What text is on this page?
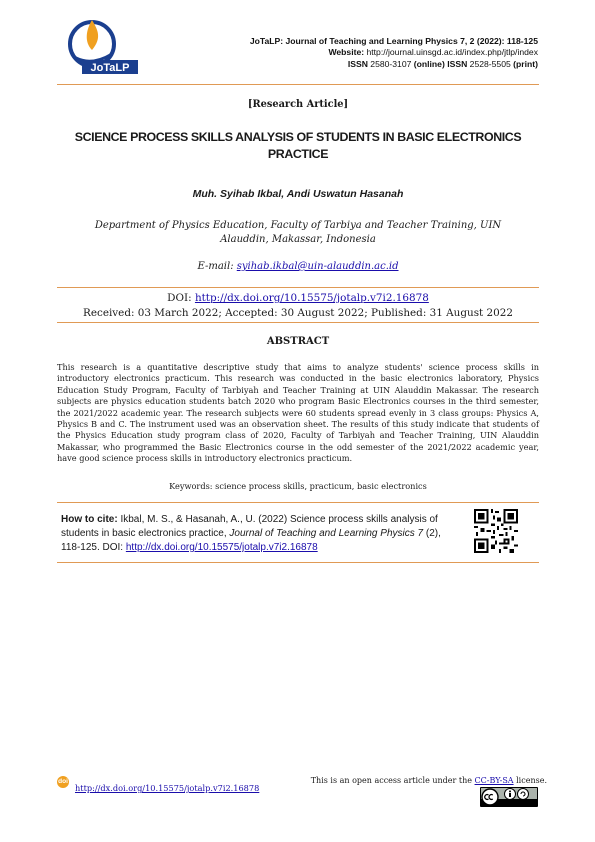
JoTaLP
JoTaLP: Journal of Teaching and Learning Physics 7, 2 (2022): 118-125
Website: http://journal.uinsgd.ac.id/index.php/jtlp/index
ISSN 2580-3107 (online) ISSN 2528-5505 (print)
[Research Article]
SCIENCE PROCESS SKILLS ANALYSIS OF STUDENTS IN BASIC ELECTRONICS PRACTICE
Muh. Syihab Ikbal, Andi Uswatun Hasanah
Department of Physics Education, Faculty of Tarbiya and Teacher Training, UIN Alauddin, Makassar, Indonesia
E-mail: syihab.ikbal@uin-alauddin.ac.id
DOI: http://dx.doi.org/10.15575/jotalp.v7i2.16878
Received: 03 March 2022; Accepted: 30 August 2022; Published: 31 August 2022
ABSTRACT
This research is a quantitative descriptive study that aims to analyze students' science process skills in introductory electronics practicum. This research was conducted in the basic electronics laboratory, Physics Education Study Program, Faculty of Tarbiyah and Teacher Training at UIN Alauddin Makassar. The research subjects are physics education students batch 2020 who program Basic Electronics courses in the third semester, the 2021/2022 academic year. The research subjects were 60 students spread evenly in 3 class groups: Physics A, Physics B and C. The instrument used was an observation sheet. The results of this study indicate that students of the Physics Education study program class of 2020, Faculty of Tarbiyah and Teacher Training, UIN Alauddin Makassar, who programmed the Basic Electronics course in the odd semester of the 2021/2022 academic year, have good science process skills in introductory electronics practicum.
Keywords: science process skills, practicum, basic electronics
How to cite: Ikbal, M. S., & Hasanah, A., U. (2022) Science process skills analysis of students in basic electronics practice, Journal of Teaching and Learning Physics 7 (2), 118-125. DOI: http://dx.doi.org/10.15575/jotalp.v7i2.16878
doi
http://dx.doi.org/10.15575/jotalp.v7i2.16878
This is an open access article under the CC-BY-SA license.
